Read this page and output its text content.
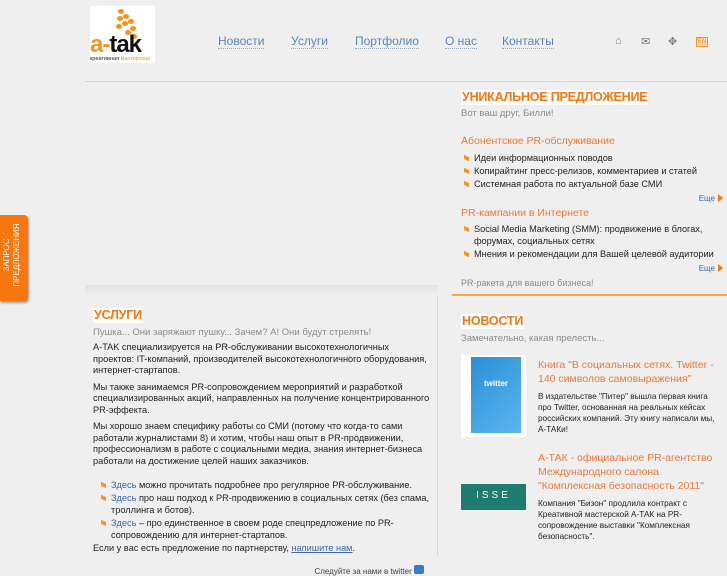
a-tak
креативная мастерская
Новости Услуги Портфолио О нас Контакты	⌂ ✉ ✥	EN
ЗАПРОС ПРЕДЛОЖЕНИЯ
УНИКАЛЬНОЕ ПРЕДЛОЖЕНИЕ
Вот ваш друг, Билли!
Абонентское PR-обслуживание
Идеи информационных поводов
Копирайтинг пресс-релизов, комментариев и статей
Системная работа по актуальной базе СМИ
Еще
PR-кампании в Интернете
Social Media Marketing (SMM): продвижение в блогах, форумах, социальных сетях
Мнения и рекомендации для Вашей целевой аудитории
Еще
PR-ракета для вашего бизнеса!
НОВОСТИ
Замечательно, какая прелесть...
twitter
Книга "В социальных сетях. Twitter - 140 символов самовыражения"
В издательстве "Питер" вышла первая книга про Twitter, основанная на реальных кейсах российских компаний. Эту книгу написали мы, А-ТАКи!
ISSE
А-ТАК - официальное PR-агентство Международного салона "Комплексная безопасность 2011"
Компания "Бизон" продлила контракт с Креативной мастерской А-ТАК на PR-сопровождение выставки "Комплексная безопасность".
УСЛУГИ
Пушка... Они заряжают пушку... Зачем? А! Они будут стрелять!

A-TAK специализируется на PR-обслуживании высокотехнологичных проектов: IT-компаний, производителей высокотехнологичного оборудования, интернет-стартапов.

Мы также занимаемся PR-сопровождением мероприятий и разработкой специализированных акций, направленных на получение концентрированного PR-эффекта.

Мы хорошо знаем специфику работы со СМИ (потому что когда-то сами работали журналистами 8) и хотим, чтобы наш опыт в PR-продвижении, профессионализм в работе с социальными медиа, знания интернет-бизнеса работали на достижение целей наших заказчиков.

Здесь можно прочитать подробнее про регулярное PR-обслуживание.
Здесь про наш подход к PR-продвижению в социальных сетях (без спама, троллинга и ботов).
Здесь – про единственное в своем роде спецпредложение по PR-сопровождению для интернет-стартапов.

Если у вас есть предложение по партнерству, напишите нам.

Следуйте за нами в twitter
